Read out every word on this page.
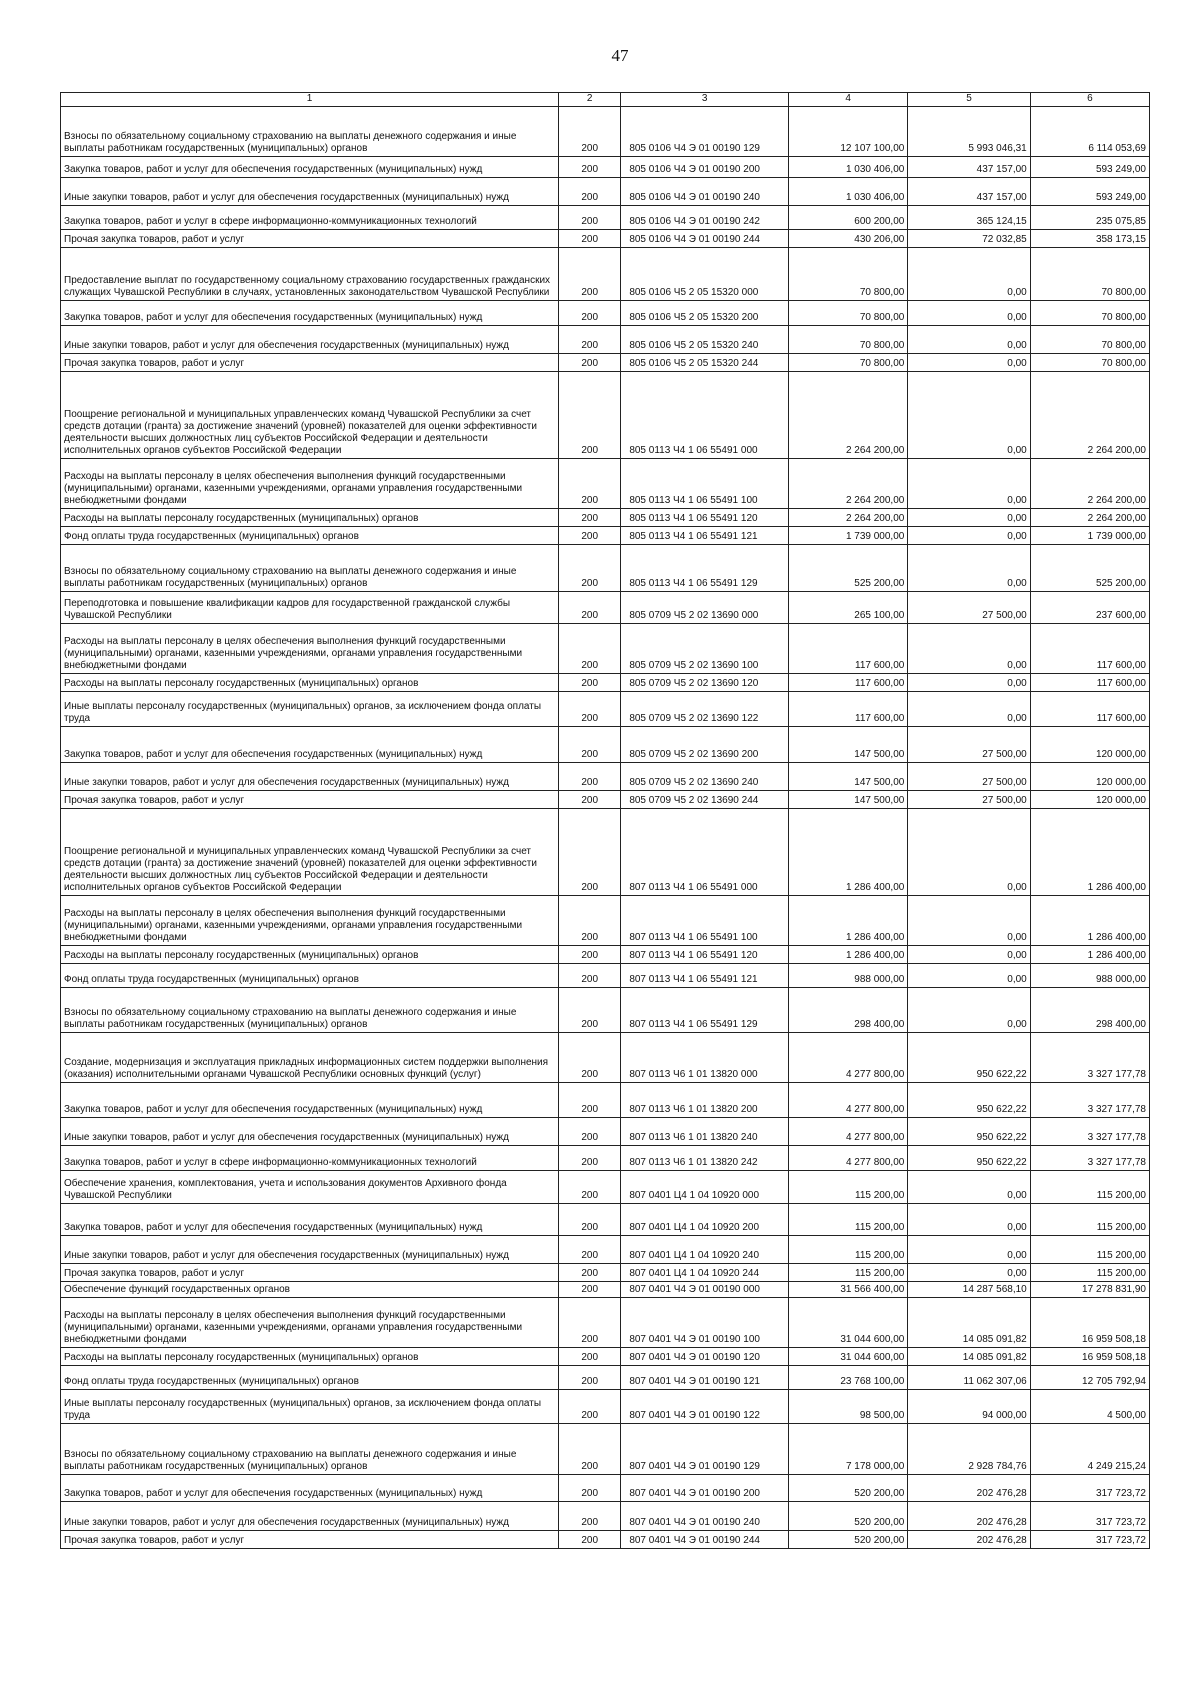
47
1	2	3	4	5	6
Взносы по обязательному социальному страхованию на выплаты денежного содержания и иные выплаты работникам государственных (муниципальных) органов	200	805 0106 Ч4 Э 01 00190 129	12 107 100,00	5 993 046,31	6 114 053,69
Закупка товаров, работ и услуг для обеспечения государственных (муниципальных) нужд	200	805 0106 Ч4 Э 01 00190 200	1 030 406,00	437 157,00	593 249,00
Иные закупки товаров, работ и услуг для обеспечения государственных (муниципальных) нужд	200	805 0106 Ч4 Э 01 00190 240	1 030 406,00	437 157,00	593 249,00
Закупка товаров, работ и услуг в сфере информационно-коммуникационных технологий	200	805 0106 Ч4 Э 01 00190 242	600 200,00	365 124,15	235 075,85
Прочая закупка товаров, работ и услуг	200	805 0106 Ч4 Э 01 00190 244	430 206,00	72 032,85	358 173,15
Предоставление выплат по государственному социальному страхованию государственных гражданских служащих Чувашской Республики в случаях, установленных законодательством Чувашской Республики	200	805 0106 Ч5 2 05 15320 000	70 800,00	0,00	70 800,00
Закупка товаров, работ и услуг для обеспечения государственных (муниципальных) нужд	200	805 0106 Ч5 2 05 15320 200	70 800,00	0,00	70 800,00
Иные закупки товаров, работ и услуг для обеспечения государственных (муниципальных) нужд	200	805 0106 Ч5 2 05 15320 240	70 800,00	0,00	70 800,00
Прочая закупка товаров, работ и услуг	200	805 0106 Ч5 2 05 15320 244	70 800,00	0,00	70 800,00
Поощрение региональной и муниципальных управленческих команд Чувашской Республики за счет средств дотации (гранта) за достижение значений (уровней) показателей для оценки эффективности деятельности высших должностных лиц субъектов Российской Федерации и деятельности исполнительных органов субъектов Российской Федерации	200	805 0113 Ч4 1 06 55491 000	2 264 200,00	0,00	2 264 200,00
Расходы на выплаты персоналу в целях обеспечения выполнения функций государственными (муниципальными) органами, казенными учреждениями, органами управления государственными внебюджетными фондами	200	805 0113 Ч4 1 06 55491 100	2 264 200,00	0,00	2 264 200,00
Расходы на выплаты персоналу государственных (муниципальных) органов	200	805 0113 Ч4 1 06 55491 120	2 264 200,00	0,00	2 264 200,00
Фонд оплаты труда государственных (муниципальных) органов	200	805 0113 Ч4 1 06 55491 121	1 739 000,00	0,00	1 739 000,00
Взносы по обязательному социальному страхованию на выплаты денежного содержания и иные выплаты работникам государственных (муниципальных) органов	200	805 0113 Ч4 1 06 55491 129	525 200,00	0,00	525 200,00
Переподготовка и повышение квалификации кадров для государственной гражданской службы Чувашской Республики	200	805 0709 Ч5 2 02 13690 000	265 100,00	27 500,00	237 600,00
Расходы на выплаты персоналу в целях обеспечения выполнения функций государственными (муниципальными) органами, казенными учреждениями, органами управления государственными внебюджетными фондами	200	805 0709 Ч5 2 02 13690 100	117 600,00	0,00	117 600,00
Расходы на выплаты персоналу государственных (муниципальных) органов	200	805 0709 Ч5 2 02 13690 120	117 600,00	0,00	117 600,00
Иные выплаты персоналу государственных (муниципальных) органов, за исключением фонда оплаты труда	200	805 0709 Ч5 2 02 13690 122	117 600,00	0,00	117 600,00
Закупка товаров, работ и услуг для обеспечения государственных (муниципальных) нужд	200	805 0709 Ч5 2 02 13690 200	147 500,00	27 500,00	120 000,00
Иные закупки товаров, работ и услуг для обеспечения государственных (муниципальных) нужд	200	805 0709 Ч5 2 02 13690 240	147 500,00	27 500,00	120 000,00
Прочая закупка товаров, работ и услуг	200	805 0709 Ч5 2 02 13690 244	147 500,00	27 500,00	120 000,00
Поощрение региональной и муниципальных управленческих команд Чувашской Республики за счет средств дотации (гранта) за достижение значений (уровней) показателей для оценки эффективности деятельности высших должностных лиц субъектов Российской Федерации и деятельности исполнительных органов субъектов Российской Федерации	200	807 0113 Ч4 1 06 55491 000	1 286 400,00	0,00	1 286 400,00
Расходы на выплаты персоналу в целях обеспечения выполнения функций государственными (муниципальными) органами, казенными учреждениями, органами управления государственными внебюджетными фондами	200	807 0113 Ч4 1 06 55491 100	1 286 400,00	0,00	1 286 400,00
Расходы на выплаты персоналу государственных (муниципальных) органов	200	807 0113 Ч4 1 06 55491 120	1 286 400,00	0,00	1 286 400,00
Фонд оплаты труда государственных (муниципальных) органов	200	807 0113 Ч4 1 06 55491 121	988 000,00	0,00	988 000,00
Взносы по обязательному социальному страхованию на выплаты денежного содержания и иные выплаты работникам государственных (муниципальных) органов	200	807 0113 Ч4 1 06 55491 129	298 400,00	0,00	298 400,00
Создание, модернизация и эксплуатация прикладных информационных систем поддержки выполнения (оказания) исполнительными органами Чувашской Республики основных функций (услуг)	200	807 0113 Ч6 1 01 13820 000	4 277 800,00	950 622,22	3 327 177,78
Закупка товаров, работ и услуг для обеспечения государственных (муниципальных) нужд	200	807 0113 Ч6 1 01 13820 200	4 277 800,00	950 622,22	3 327 177,78
Иные закупки товаров, работ и услуг для обеспечения государственных (муниципальных) нужд	200	807 0113 Ч6 1 01 13820 240	4 277 800,00	950 622,22	3 327 177,78
Закупка товаров, работ и услуг в сфере информационно-коммуникационных технологий	200	807 0113 Ч6 1 01 13820 242	4 277 800,00	950 622,22	3 327 177,78
Обеспечение хранения, комплектования, учета и использования документов Архивного фонда Чувашской Республики	200	807 0401 Ц4 1 04 10920 000	115 200,00	0,00	115 200,00
Закупка товаров, работ и услуг для обеспечения государственных (муниципальных) нужд	200	807 0401 Ц4 1 04 10920 200	115 200,00	0,00	115 200,00
Иные закупки товаров, работ и услуг для обеспечения государственных (муниципальных) нужд	200	807 0401 Ц4 1 04 10920 240	115 200,00	0,00	115 200,00
Прочая закупка товаров, работ и услуг	200	807 0401 Ц4 1 04 10920 244	115 200,00	0,00	115 200,00
Обеспечение функций государственных органов	200	807 0401 Ч4 Э 01 00190 000	31 566 400,00	14 287 568,10	17 278 831,90
Расходы на выплаты персоналу в целях обеспечения выполнения функций государственными (муниципальными) органами, казенными учреждениями, органами управления государственными внебюджетными фондами	200	807 0401 Ч4 Э 01 00190 100	31 044 600,00	14 085 091,82	16 959 508,18
Расходы на выплаты персоналу государственных (муниципальных) органов	200	807 0401 Ч4 Э 01 00190 120	31 044 600,00	14 085 091,82	16 959 508,18
Фонд оплаты труда государственных (муниципальных) органов	200	807 0401 Ч4 Э 01 00190 121	23 768 100,00	11 062 307,06	12 705 792,94
Иные выплаты персоналу государственных (муниципальных) органов, за исключением фонда оплаты труда	200	807 0401 Ч4 Э 01 00190 122	98 500,00	94 000,00	4 500,00
Взносы по обязательному социальному страхованию на выплаты денежного содержания и иные выплаты работникам государственных (муниципальных) органов	200	807 0401 Ч4 Э 01 00190 129	7 178 000,00	2 928 784,76	4 249 215,24
Закупка товаров, работ и услуг для обеспечения государственных (муниципальных) нужд	200	807 0401 Ч4 Э 01 00190 200	520 200,00	202 476,28	317 723,72
Иные закупки товаров, работ и услуг для обеспечения государственных (муниципальных) нужд	200	807 0401 Ч4 Э 01 00190 240	520 200,00	202 476,28	317 723,72
Прочая закупка товаров, работ и услуг	200	807 0401 Ч4 Э 01 00190 244	520 200,00	202 476,28	317 723,72
